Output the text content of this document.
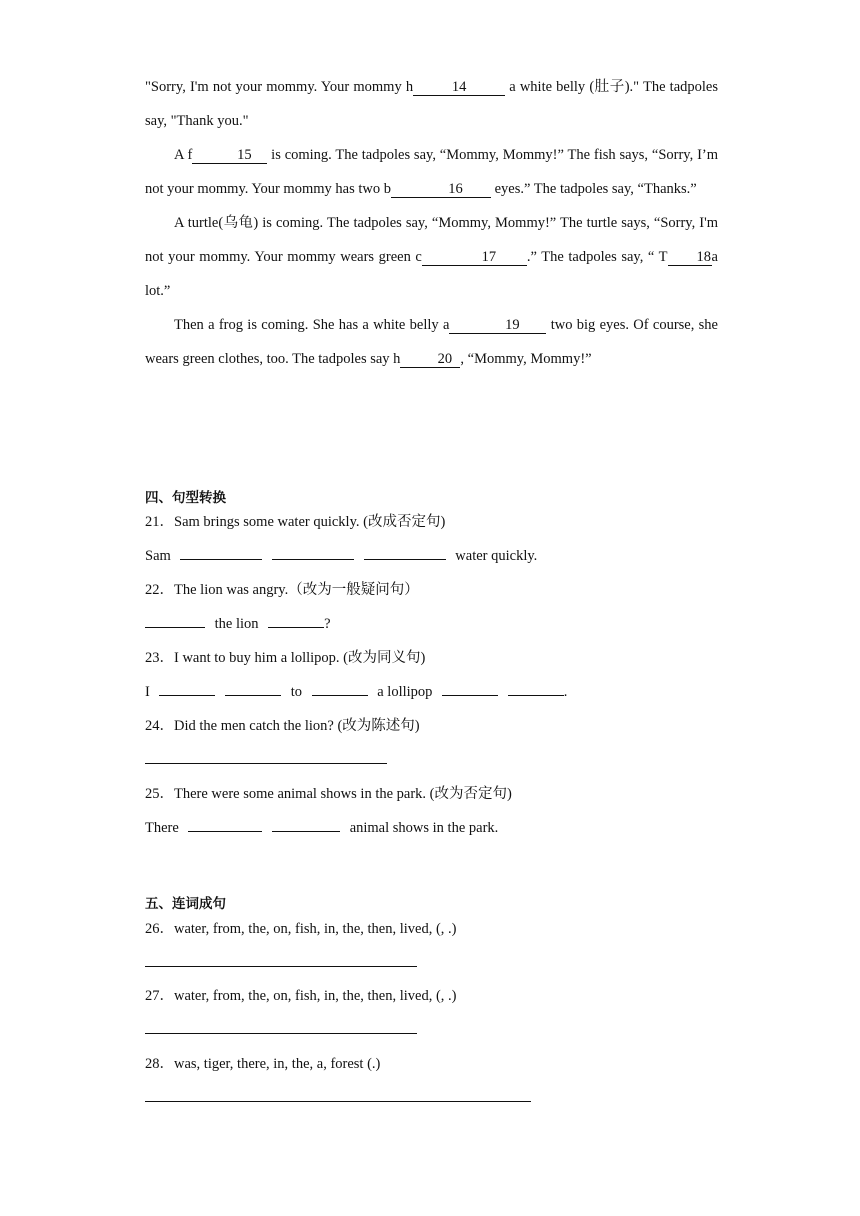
"Sorry, I'm not your mommy. Your mommy h	14	a white belly (肚子)." The tadpoles say, "Thank you."

A f	15 is coming. The tadpoles say, “Mommy, Mommy!” The fish says, “Sorry, I’m not your mommy. Your mommy has two b	16 eyes.” The tadpoles say, “Thanks.”

A turtle(乌龟) is coming. The tadpoles say, “Mommy, Mommy!” The turtle says, “Sorry, I'm not your mommy. Your mommy wears green c	17 .” The tadpoles say, “ T 18a lot.”

Then a frog is coming. She has a white belly a	19 two big eyes. Of course, she wears green clothes, too. The tadpoles say h	20 , “Mommy, Mommy!”

四、句型转换
21．Sam brings some water quickly. (改成否定句)
Sam	water quickly.
22．The lion was angry.（改为一般疑问句）
the lion	?
23．I want to buy him a lollipop. (改为同义句)
I	to	a lollipop	.
24．Did the men catch the lion? (改为陈述句)
25．There were some animal shows in the park. (改为否定句)
There	animal shows in the park.
五、连词成句
26．water, from, the, on, fish, in, the, then, lived, (, .)
27．water, from, the, on, fish, in, the, then, lived, (, .)
28．was, tiger, there, in, the, a, forest (.)
